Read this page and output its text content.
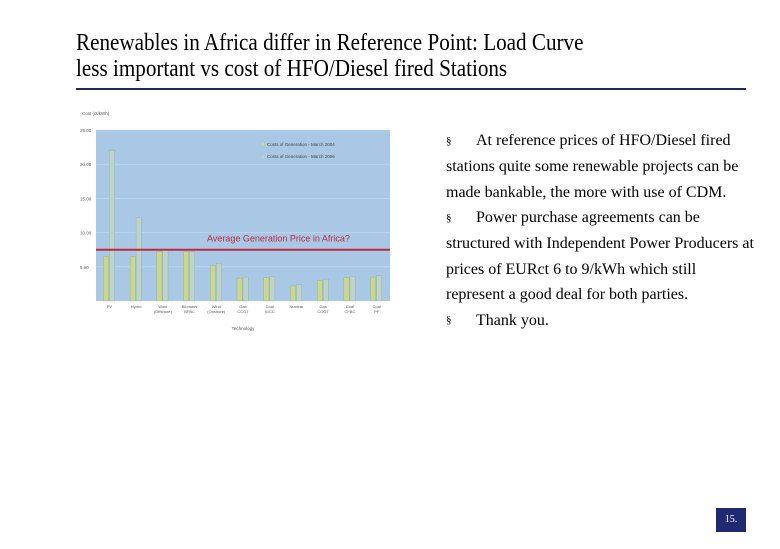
Renewables in Africa differ in Reference Point: Load Curve
less important vs cost of HFO/Diesel fired Stations
25.00
20.00
15.00
10.00
5.00
Cost (ct/kWh)
Technology
PV	Hydro	Wind
(Offshore)
Biomass
BFBC
Wind
(Onshore)
Gas
CCGT
Coal
IGCC
Nuclear	Gas
COGT
Coal
CFBC
Coal
PF
Costs of Generation - March 2004
Costs of Generation - March 2006
Average Generation Price in Africa?

§ At reference prices of HFO/Diesel fired stations quite some renewable projects can be made bankable, the more with use of CDM.

§ Power purchase agreements can be structured with Independent Power Producers at prices of EURct 6 to 9/kWh which still represent a good deal for both parties.

§ Thank you.

15.
